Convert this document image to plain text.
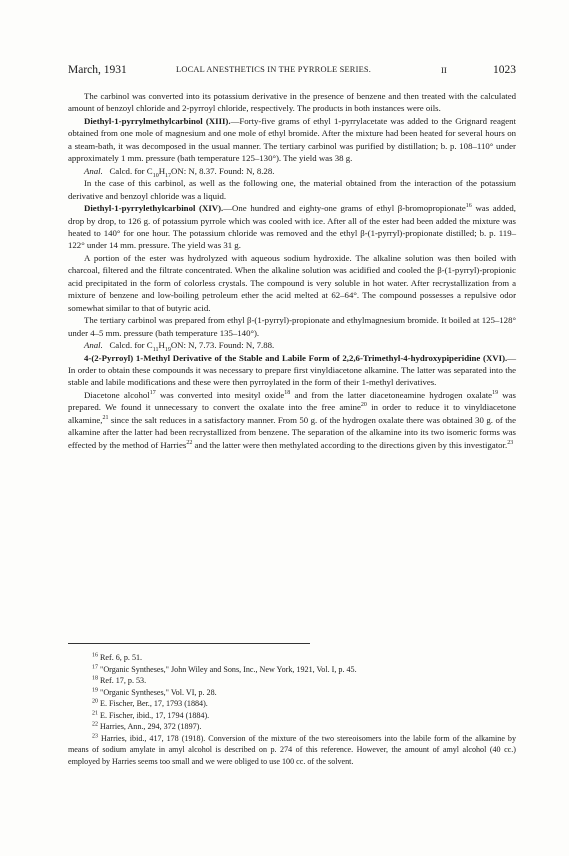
March, 1931	LOCAL ANESTHETICS IN THE PYRROLE SERIES.	II	1023

The carbinol was converted into its potassium derivative in the presence of benzene and then treated with the calculated amount of benzoyl chloride and 2-pyrroyl chloride, respectively. The products in both instances were oils.

Diethyl-1-pyrrylmethylcarbinol (XIII).—Forty-five grams of ethyl 1-pyrrylacetate was added to the Grignard reagent obtained from one mole of magnesium and one mole of ethyl bromide. After the mixture had been heated for several hours on a steam-bath, it was decomposed in the usual manner. The tertiary carbinol was purified by distillation; b. p. 108–110° under approximately 1 mm. pressure (bath temperature 125–130°). The yield was 38 g.

Anal. Calcd. for $C_{10}H_{17}ON$: N, 8.37. Found: N, 8.28.

In the case of this carbinol, as well as the following one, the material obtained from the interaction of the potassium derivative and benzoyl chloride was a liquid.

Diethyl-1-pyrrylethylcarbinol (XIV).—One hundred and eighty-one grams of ethyl β-bromopropionate$^{16}$ was added, drop by drop, to 126 g. of potassium pyrrole which was cooled with ice. After all of the ester had been added the mixture was heated to 140° for one hour. The potassium chloride was removed and the ethyl β-(1-pyrryl)-propionate distilled; b. p. 119–122° under 14 mm. pressure. The yield was 31 g.

A portion of the ester was hydrolyzed with aqueous sodium hydroxide. The alkaline solution was then boiled with charcoal, filtered and the filtrate concentrated. When the alkaline solution was acidified and cooled the β-(1-pyrryl)-propionic acid precipitated in the form of colorless crystals. The compound is very soluble in hot water. After recrystallization from a mixture of benzene and low-boiling petroleum ether the acid melted at 62–64°. The compound possesses a repulsive odor somewhat similar to that of butyric acid.

The tertiary carbinol was prepared from ethyl β-(1-pyrryl)-propionate and ethylmagnesium bromide. It boiled at 125–128° under 4–5 mm. pressure (bath temperature 135–140°).

Anal. Calcd. for $C_{11}H_{19}ON$: N, 7.73. Found: N, 7.88.

4-(2-Pyrroyl) 1-Methyl Derivative of the Stable and Labile Form of 2,2,6-Trimethyl-4-hydroxypiperidine (XVI).—In order to obtain these compounds it was necessary to prepare first vinyldiacetone alkamine. The latter was separated into the stable and labile modifications and these were then pyrroylated in the form of their 1-methyl derivatives.

Diacetone alcohol$^{17}$ was converted into mesityl oxide$^{18}$ and from the latter diacetoneamine hydrogen oxalate$^{19}$ was prepared. We found it unnecessary to convert the oxalate into the free amine$^{20}$ in order to reduce it to vinyldiacetone alkamine,$^{21}$ since the salt reduces in a satisfactory manner. From 50 g. of the hydrogen oxalate there was obtained 30 g. of the alkamine after the latter had been recrystallized from benzene. The separation of the alkamine into its two isomeric forms was effected by the method of Harries$^{22}$ and the latter were then methylated according to the directions given by this investigator.$^{23}$

$^{16}$ Ref. 6, p. 51.

$^{17}$ "Organic Syntheses," John Wiley and Sons, Inc., New York, 1921, Vol. I, p. 45.

$^{18}$ Ref. 17, p. 53.

$^{19}$ "Organic Syntheses," Vol. VI, p. 28.

$^{20}$ E. Fischer, Ber., 17, 1793 (1884).

$^{21}$ E. Fischer, ibid., 17, 1794 (1884).

$^{22}$ Harries, Ann., 294, 372 (1897).

$^{23}$ Harries, ibid., 417, 178 (1918). Conversion of the mixture of the two stereoisomers into the labile form of the alkamine by means of sodium amylate in amyl alcohol is described on p. 274 of this reference. However, the amount of amyl alcohol (40 cc.) employed by Harries seems too small and we were obliged to use 100 cc. of the solvent.
